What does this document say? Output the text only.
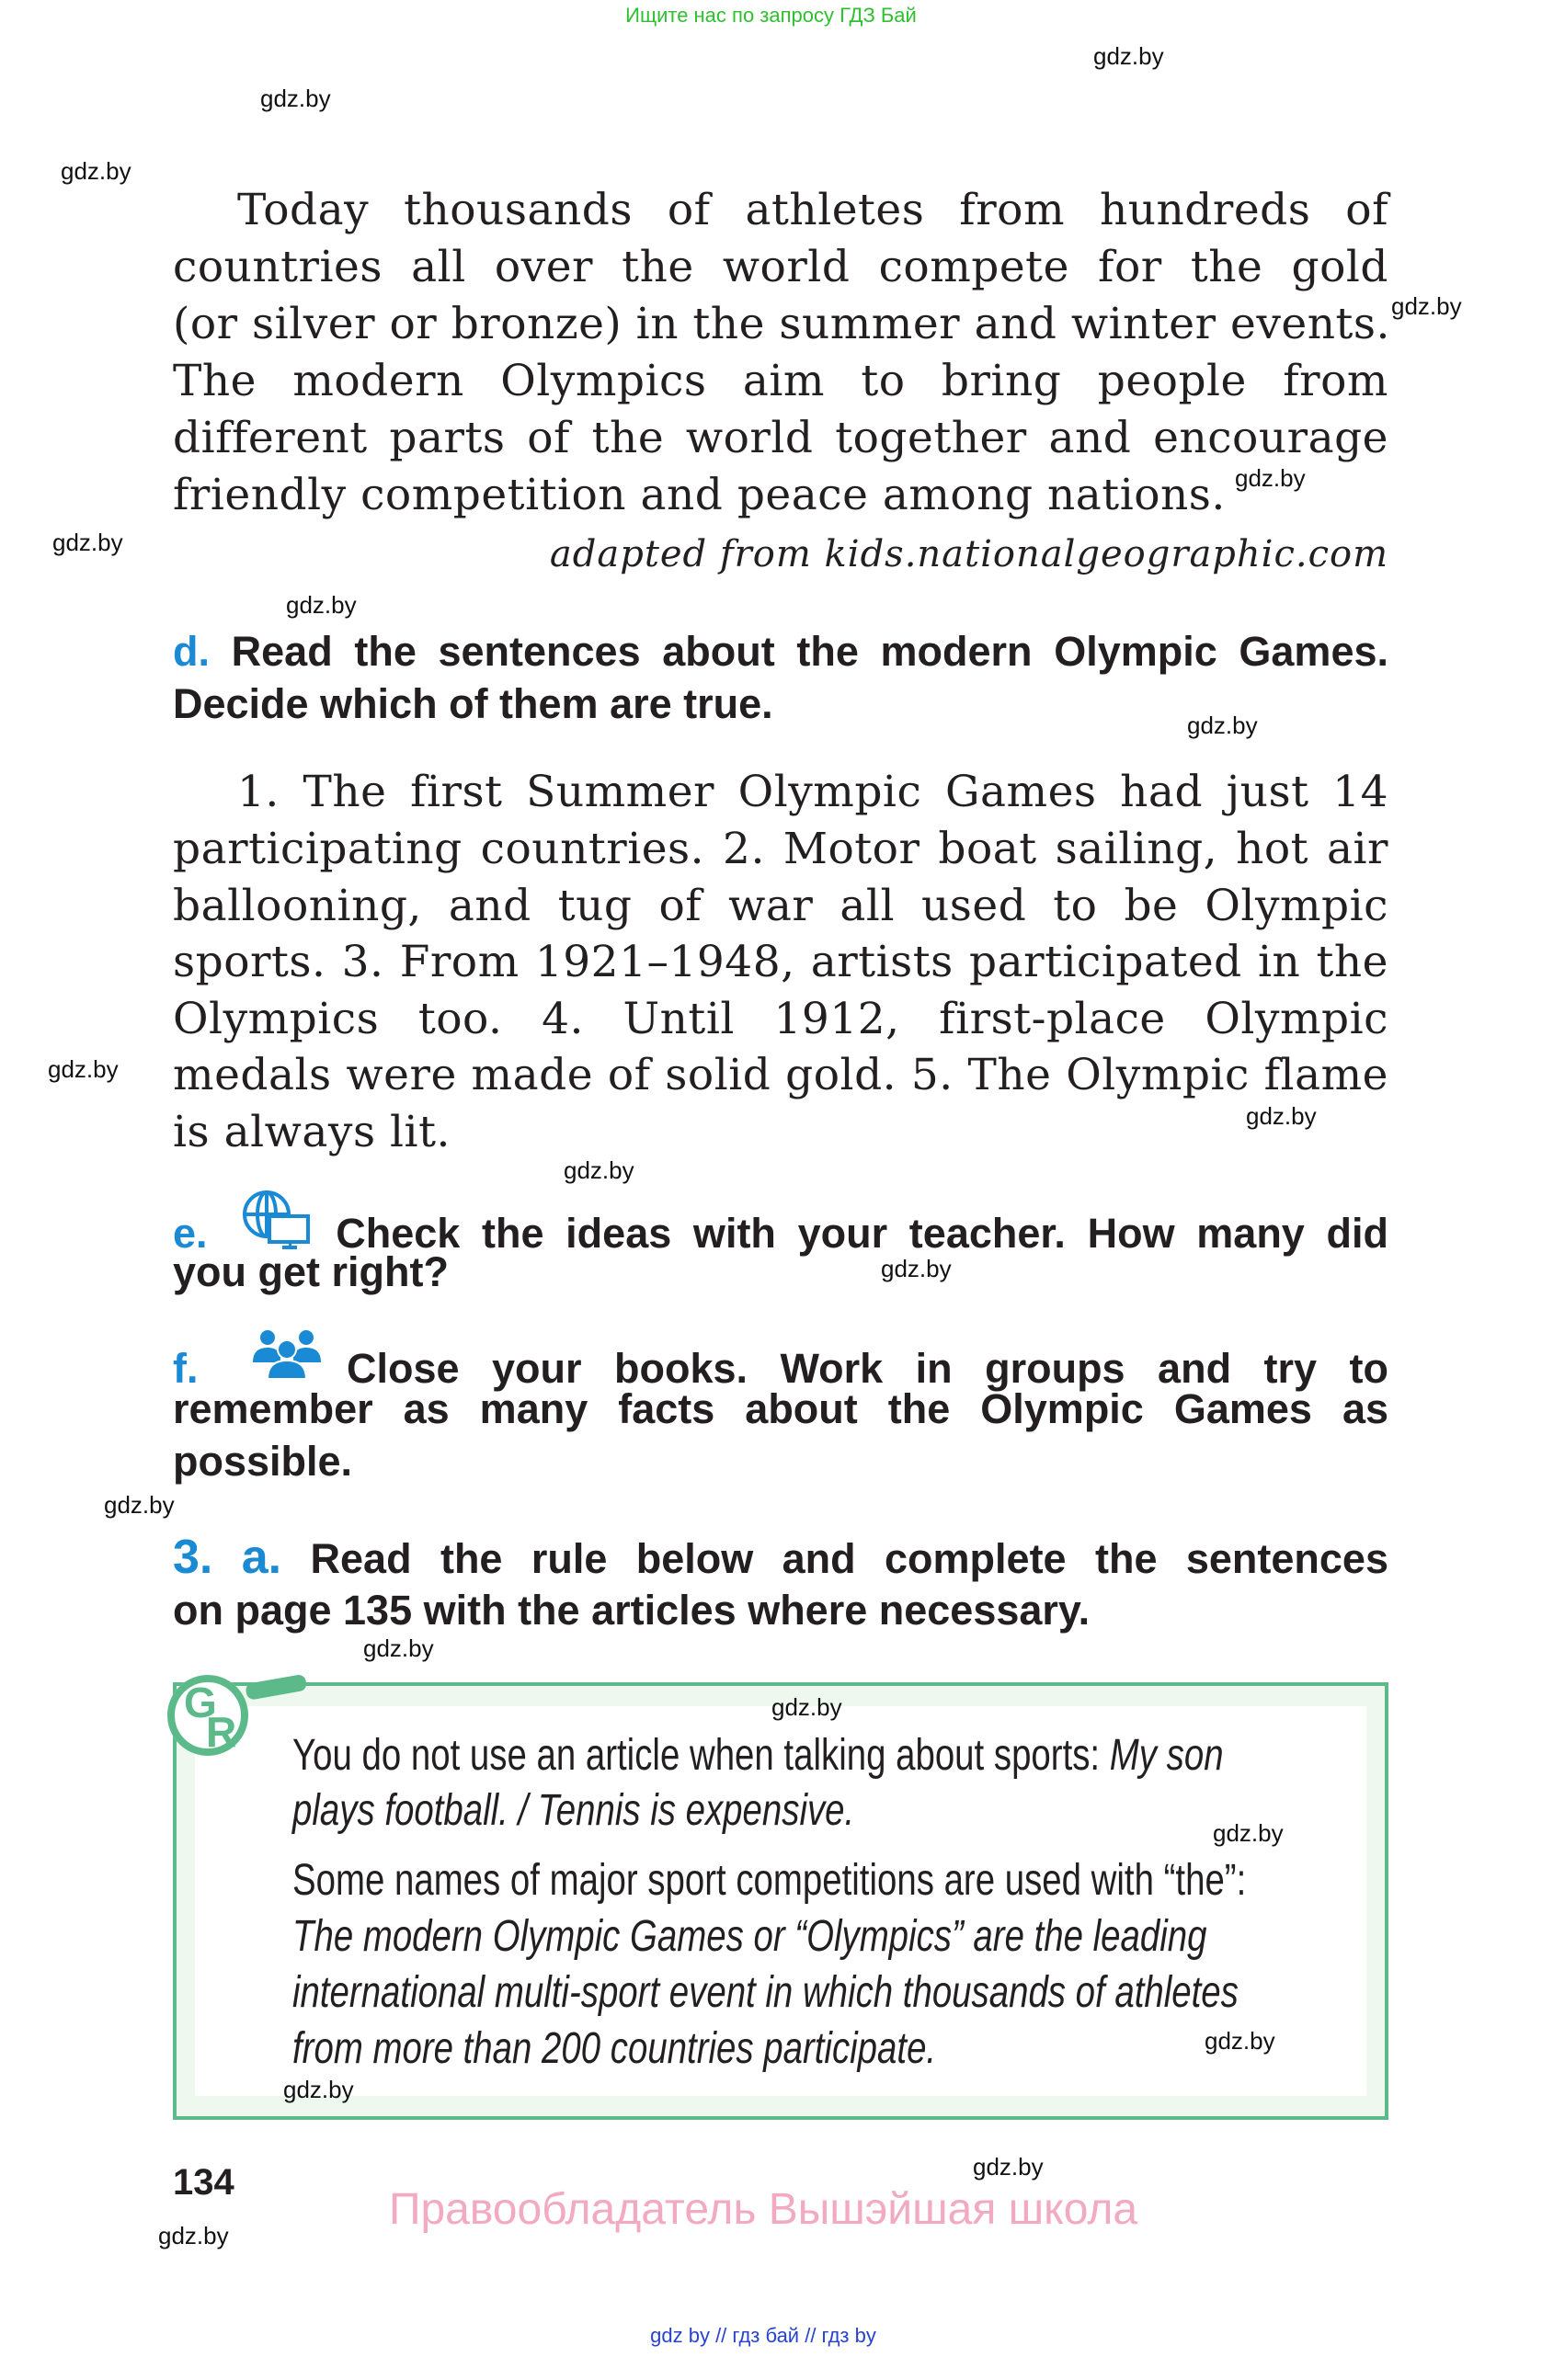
Ищите нас по запросу ГДЗ Бай
Today thousands of athletes from hundreds of
countries all over the world compete for the gold
(or silver or bronze) in the summer and winter events.
The modern Olympics aim to bring people from
different parts of the world together and encourage
friendly competition and peace among nations.
adapted from kids.nationalgeographic.com
d. Read the sentences about the modern Olympic Games.
Decide which of them are true.
1. The first Summer Olympic Games had just 14
participating countries. 2. Motor boat sailing, hot air
ballooning, and tug of war all used to be Olympic
sports. 3. From 1921–1948, artists participated in the
Olympics too. 4. Until 1912, first-place Olympic
medals were made of solid gold. 5. The Olympic flame
is always lit.
e.	Check the ideas with your teacher. How many did
you get right?
f.	Close your books. Work in groups and try to
remember as many facts about the Olympic Games as
possible.
3. a. Read the rule below and complete the sentences
on page 135 with the articles where necessary.
G
R You do not use an article when talking about sports: My son
plays football. / Tennis is expensive.
Some names of major sport competitions are used with “the”:
The modern Olympic Games or “Olympics” are the leading
international multi-sport event in which thousands of athletes
from more than 200 countries participate.
134
Правообладатель Вышэйшая школа
gdz by // гдз бай // гдз by
gdz.by
gdz.by
gdz.by
gdz.by
gdz.by
gdz.by
gdz.by
gdz.by
gdz.by
gdz.by
gdz.by
gdz.by
gdz.by
gdz.by
gdz.by
gdz.by
gdz.by
gdz.by
gdz.by
gdz.by
